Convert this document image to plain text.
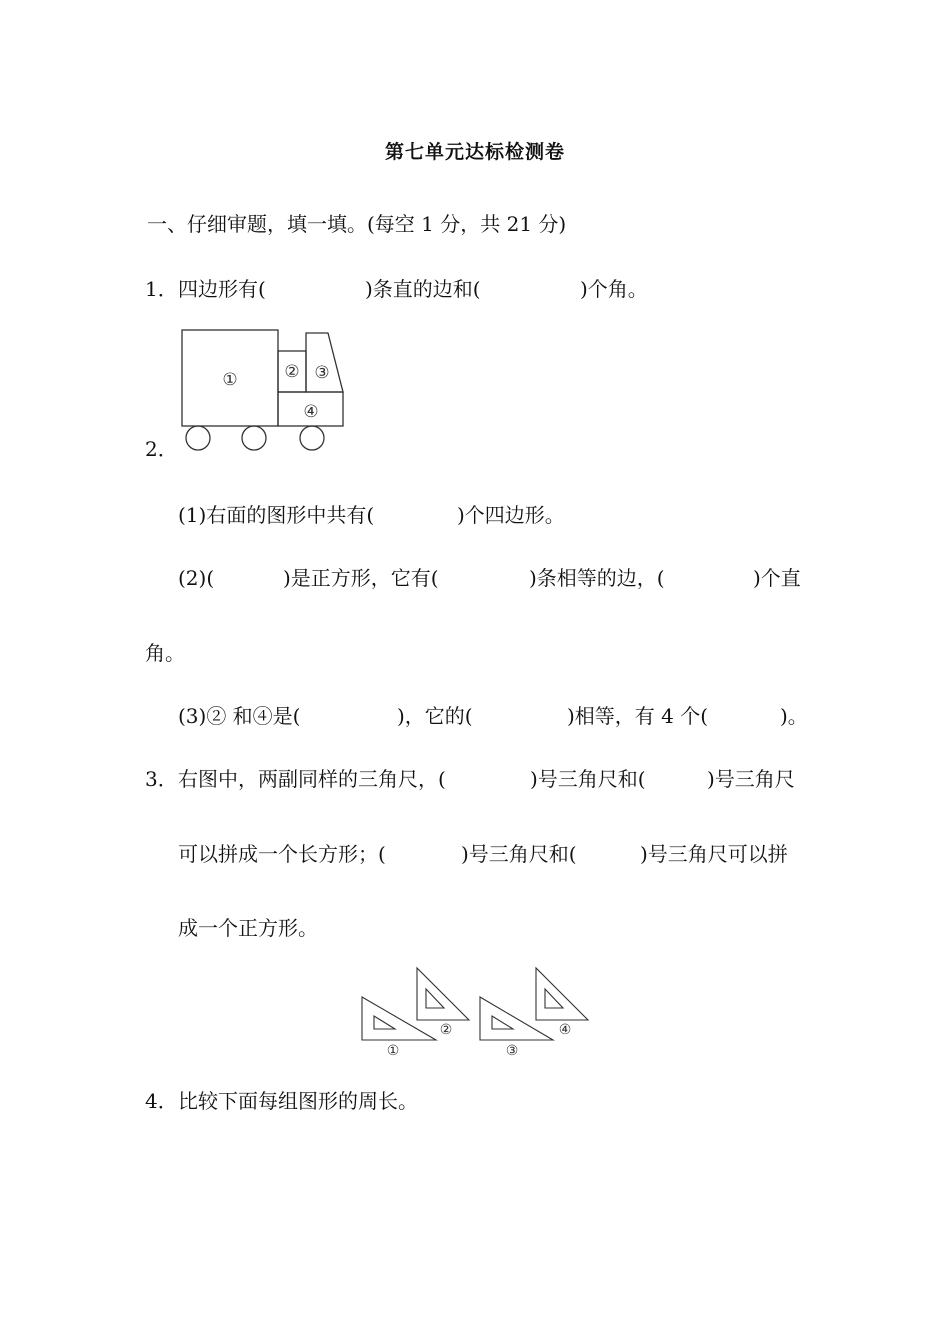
第七单元达标检测卷
一、仔细审题，填一填。(每空 1 分，共 21 分)
1． 四边形有(	)条直的边和(	)个角。
①	② ③
④
2．
(1)右面的图形中共有(	)个四边形。
(2)(	)是正方形，它有(	)条相等的边，(	)个直
角。
(3)② 和④是(	)，它的(	)相等，有 4 个(	)。
3． 右图中，两副同样的三角尺，(	)号三角尺和(	)号三角尺
可以拼成一个长方形；(	)号三角尺和(	)号三角尺可以拼
成一个正方形。
①
②
③
④
4． 比较下面每组图形的周长。
